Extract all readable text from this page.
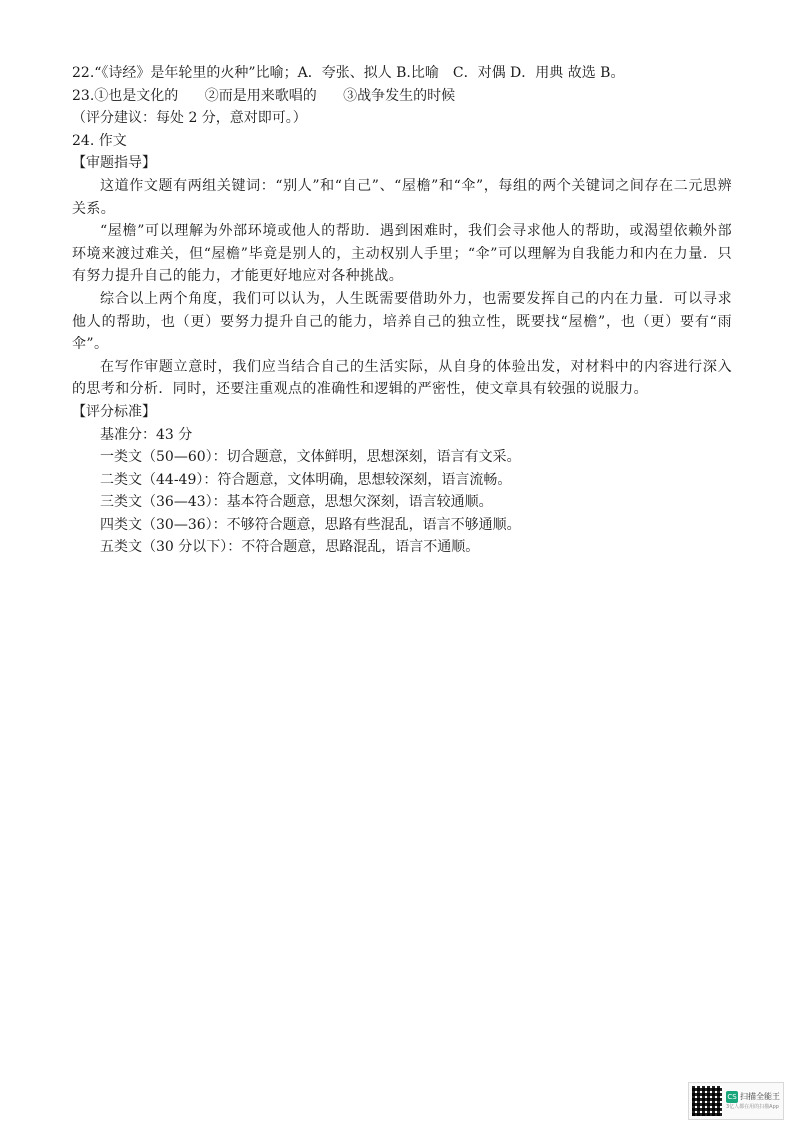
22.“《诗经》是年轮里的火种”比喻；A．夸张、拟人 B.比喻　C．对偶 D．用典 故选 B。
23.①也是文化的 ②而是用来歌唱的 ③战争发生的时候
（评分建议：每处 2 分，意对即可。）
24. 作文
【审题指导】

这道作文题有两组关键词：“别人”和“自己”、“屋檐”和“伞”，每组的两个关键词之间存在二元思辨关系。

“屋檐”可以理解为外部环境或他人的帮助．遇到困难时，我们会寻求他人的帮助，或渴望依赖外部环境来渡过难关，但“屋檐”毕竟是别人的，主动权别人手里；“伞”可以理解为自我能力和内在力量．只有努力提升自己的能力，才能更好地应对各种挑战。

综合以上两个角度，我们可以认为，人生既需要借助外力，也需要发挥自己的内在力量．可以寻求他人的帮助，也（更）要努力提升自己的能力，培养自己的独立性，既要找“屋檐”，也（更）要有“雨伞”。

在写作审题立意时，我们应当结合自己的生活实际，从自身的体验出发，对材料中的内容进行深入的思考和分析．同时，还要注重观点的准确性和逻辑的严密性，使文章具有较强的说服力。

【评分标准】
基准分：43 分
一类文（50—60）：切合题意，文体鲜明，思想深刻，语言有文采。
二类文（44-49）：符合题意，文体明确，思想较深刻，语言流畅。
三类文（36—43）：基本符合题意，思想欠深刻，语言较通顺。
四类文（30—36）：不够符合题意，思路有些混乱，语言不够通顺。
五类文（30 分以下）：不符合题意，思路混乱，语言不通顺。
CS 扫描全能王
3亿人都在用的扫描App
